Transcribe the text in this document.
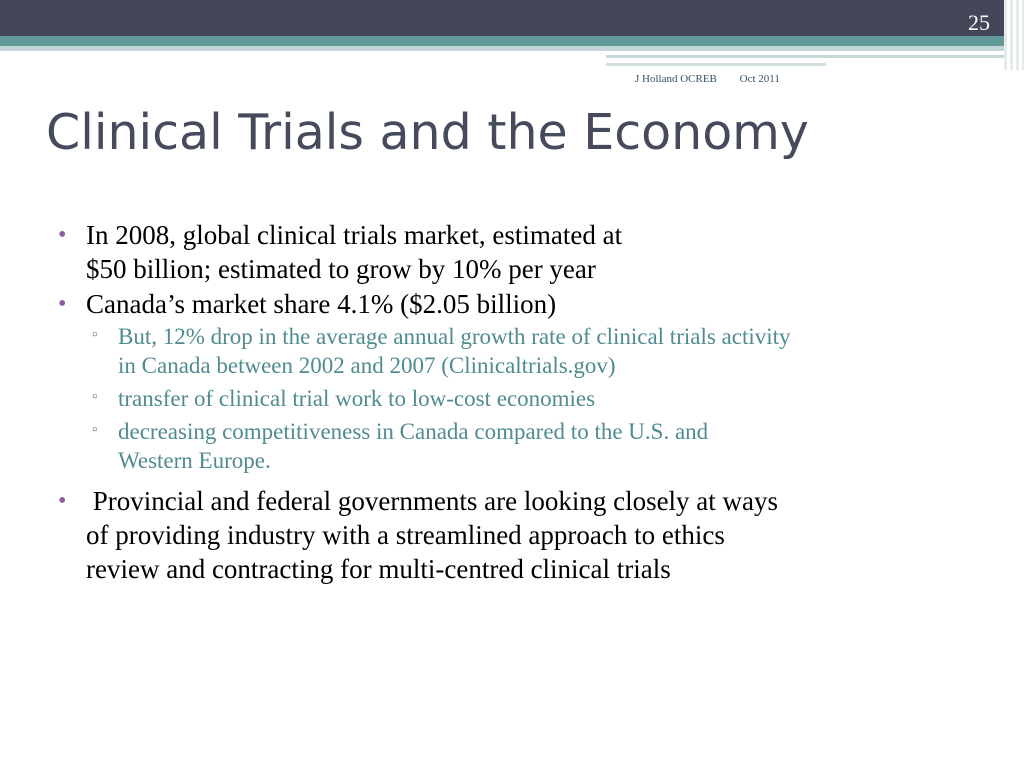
25
J Holland OCREB Oct 2011
Clinical Trials and the Economy
• In 2008, global clinical trials market, estimated at
$50 billion; estimated to grow by 10% per year
• Canada’s market share 4.1% ($2.05 billion)
▫ But, 12% drop in the average annual growth rate of clinical trials activity
in Canada between 2002 and 2007 (Clinicaltrials.gov)
▫ transfer of clinical trial work to low-cost economies
▫ decreasing competitiveness in Canada compared to the U.S. and
Western Europe.
• Provincial and federal governments are looking closely at ways
of providing industry with a streamlined approach to ethics
review and contracting for multi-centred clinical trials
